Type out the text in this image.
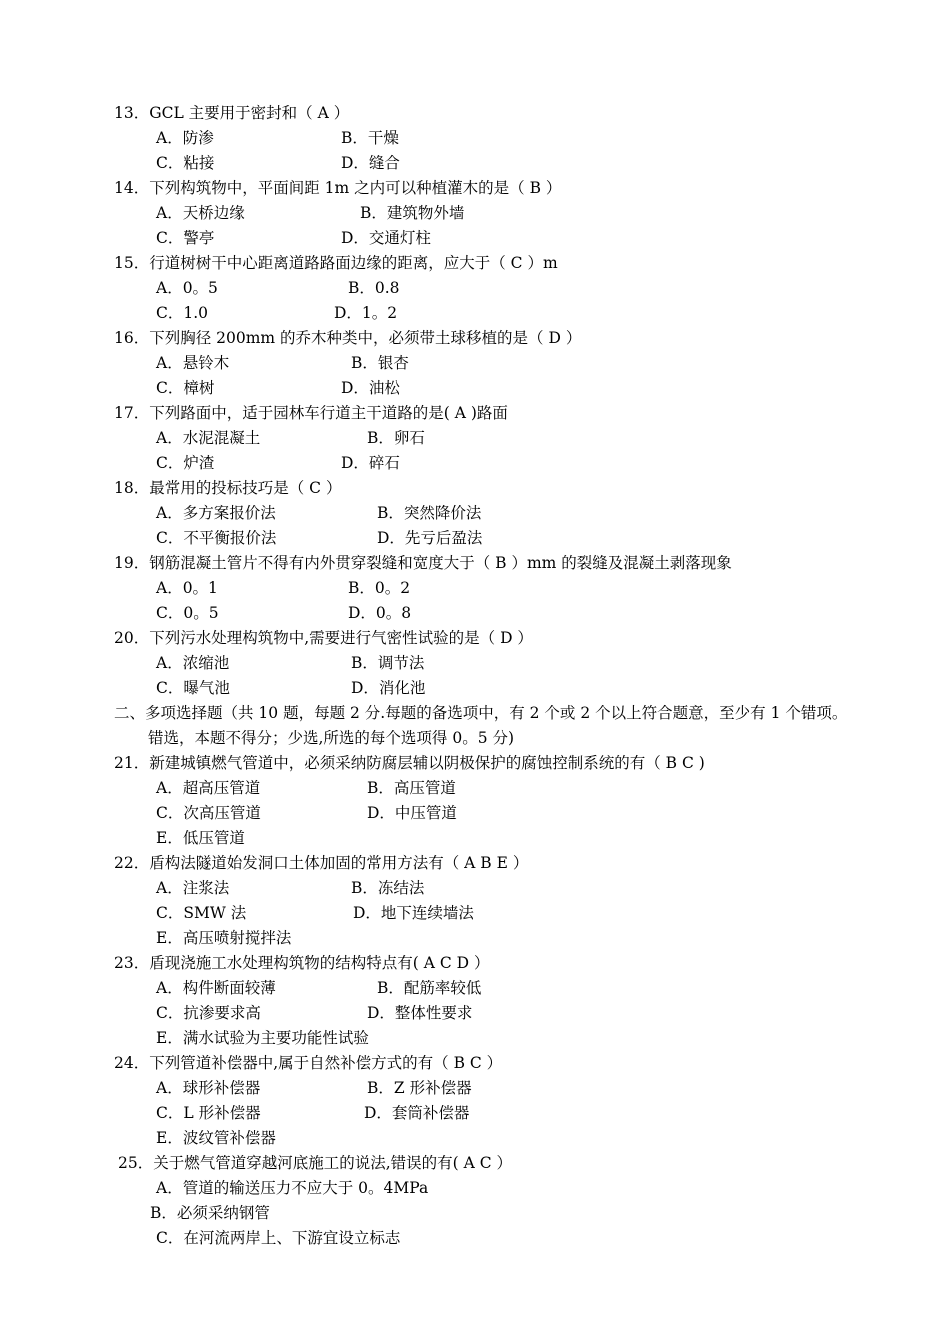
13．GCL 主要用于密封和（ A ）
A．防渗	B．干燥
C．粘接	D．缝合
14．下列构筑物中，平面间距 1m 之内可以种植灌木的是（ B ）
A．天桥边缘	B．建筑物外墙
C．警亭	D．交通灯柱
15．行道树树干中心距离道路路面边缘的距离，应大于（ C ）m
A．0。5	B．0.8
C．1.0	D．1。2
16．下列胸径 200mm 的乔木种类中，必须带土球移植的是（ D ）
A．悬铃木	B．银杏
C．樟树	D．油松
17．下列路面中，适于园林车行道主干道路的是( A )路面
A．水泥混凝土	B．卵石
C．炉渣	D．碎石
18．最常用的投标技巧是（ C ）
A．多方案报价法	B．突然降价法
C．不平衡报价法	D．先亏后盈法
19．钢筋混凝土管片不得有内外贯穿裂缝和宽度大于（ B ）mm 的裂缝及混凝土剥落现象
A．0。1	B．0。2
C．0。5	D．0。8
20．下列污水处理构筑物中,需要进行气密性试验的是（ D ）
A．浓缩池	B．调节法
C．曝气池	D．消化池
二、多项选择题（共 10 题，每题 2 分.每题的备选项中，有 2 个或 2 个以上符合题意，至少有 1 个错项。
错选，本题不得分；少选,所选的每个选项得 0。5 分)
21．新建城镇燃气管道中，必须采纳防腐层辅以阴极保护的腐蚀控制系统的有（ B C )
A．超高压管道	B．高压管道
C．次高压管道	D．中压管道
E．低压管道
22．盾构法隧道始发洞口土体加固的常用方法有（ A B E ）
A．注浆法	B．冻结法
C．SMW 法	D．地下连续墙法
E．高压喷射搅拌法
23．盾现浇施工水处理构筑物的结构特点有( A C D ）
A．构件断面较薄	B．配筋率较低
C．抗渗要求高	D．整体性要求
E．满水试验为主要功能性试验
24．下列管道补偿器中,属于自然补偿方式的有（ B C ）
A．球形补偿器	B．Z 形补偿器
C．L 形补偿器	D．套筒补偿器
E．波纹管补偿器
25．关于燃气管道穿越河底施工的说法,错误的有( A C ）
A．管道的输送压力不应大于 0。4MPa
B．必须采纳钢管
C．在河流两岸上、下游宜设立标志
